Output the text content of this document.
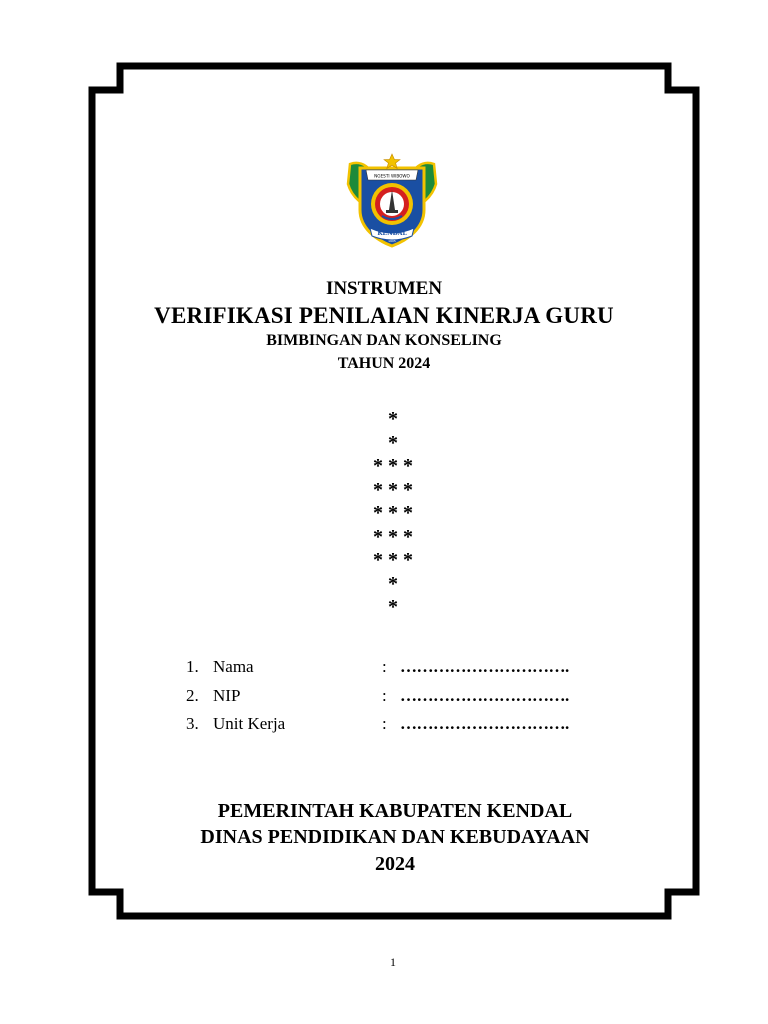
NGESTI WIBOWO
KENDAL
1605
INSTRUMEN
VERIFIKASI PENILAIAN KINERJA GURU
BIMBINGAN DAN KONSELING
TAHUN 2024
*
*
* * *
* * *
* * *
* * *
* * *
*
*
1. Nama	: ………………………….
2. NIP	: ………………………….
3. Unit Kerja	: ………………………….
PEMERINTAH KABUPATEN KENDAL
DINAS PENDIDIKAN DAN KEBUDAYAAN
2024
1
